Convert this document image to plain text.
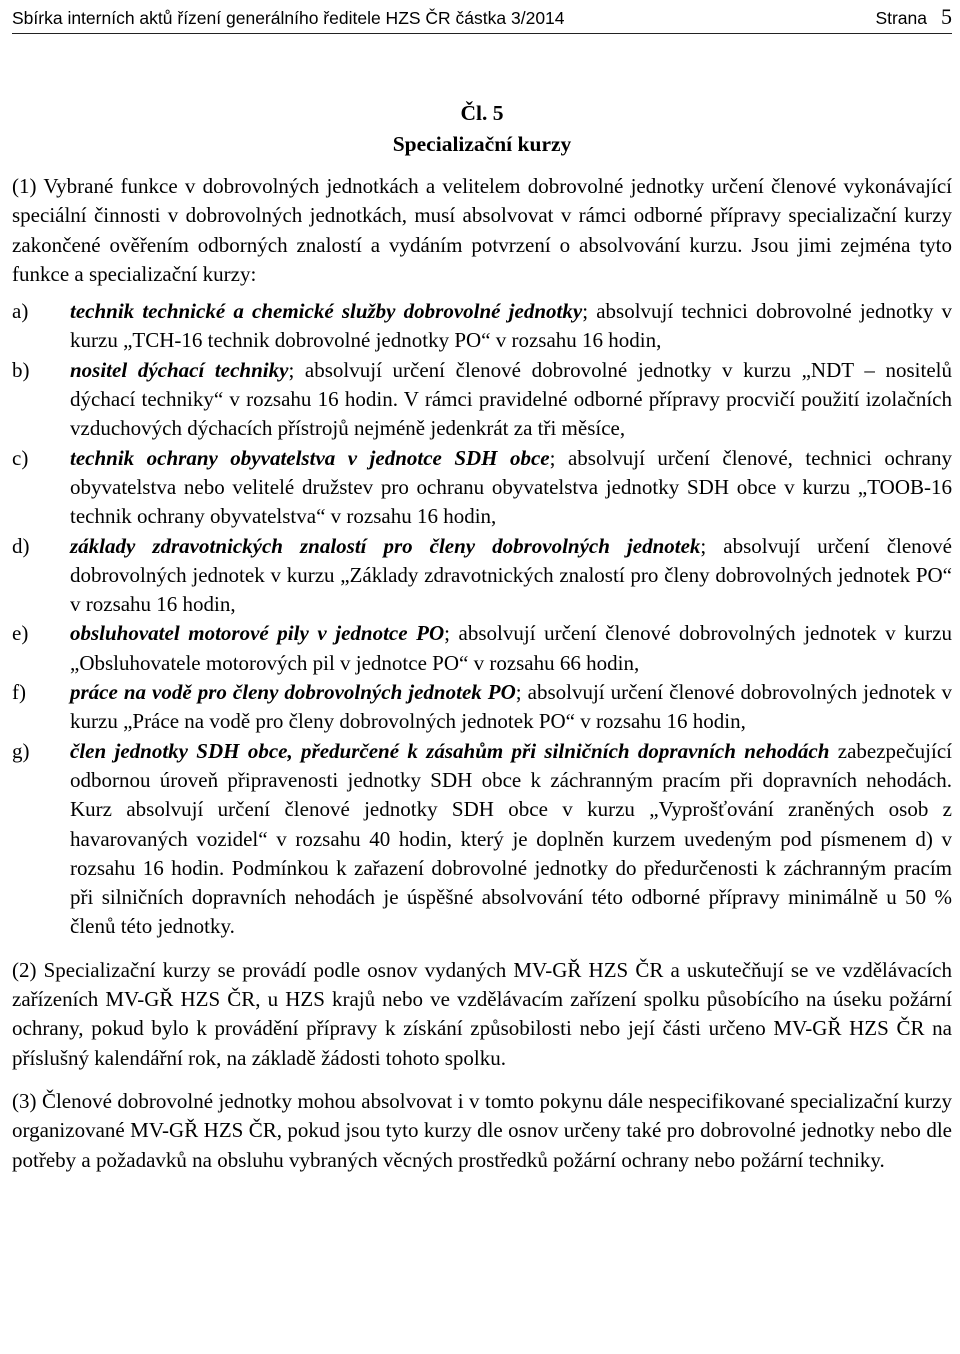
Sbírka interních aktů řízení generálního ředitele HZS ČR částka 3/2014	Strana 5
Čl. 5
Specializační kurzy

(1) Vybrané funkce v dobrovolných jednotkách a velitelem dobrovolné jednotky určení členové vykonávající speciální činnosti v dobrovolných jednotkách, musí absolvovat v rámci odborné přípravy specializační kurzy zakončené ověřením odborných znalostí a vydáním potvrzení o absolvování kurzu. Jsou jimi zejména tyto funkce a specializační kurzy:

a)	technik technické a chemické služby dobrovolné jednotky; absolvují technici dobrovolné jednotky v kurzu „TCH-16 technik dobrovolné jednotky PO“ v rozsahu 16 hodin,
b)	nositel dýchací techniky; absolvují určení členové dobrovolné jednotky v kurzu „NDT – nositelů dýchací techniky“ v rozsahu 16 hodin. V rámci pravidelné odborné přípravy procvičí použití izolačních vzduchových dýchacích přístrojů nejméně jedenkrát za tři měsíce,
c)	technik ochrany obyvatelstva v jednotce SDH obce; absolvují určení členové, technici ochrany obyvatelstva nebo velitelé družstev pro ochranu obyvatelstva jednotky SDH obce v kurzu „TOOB-16 technik ochrany obyvatelstva“ v rozsahu 16 hodin,
d)	základy zdravotnických znalostí pro členy dobrovolných jednotek; absolvují určení členové dobrovolných jednotek v kurzu „Základy zdravotnických znalostí pro členy dobrovolných jednotek PO“ v rozsahu 16 hodin,
e)	obsluhovatel motorové pily v jednotce PO; absolvují určení členové dobrovolných jednotek v kurzu „Obsluhovatele motorových pil v jednotce PO“ v rozsahu 66 hodin,
f)	práce na vodě pro členy dobrovolných jednotek PO; absolvují určení členové dobrovolných jednotek v kurzu „Práce na vodě pro členy dobrovolných jednotek PO“ v rozsahu 16 hodin,
g)	člen jednotky SDH obce, předurčené k zásahům při silničních dopravních nehodách zabezpečující odbornou úroveň připravenosti jednotky SDH obce k záchranným pracím při dopravních nehodách. Kurz absolvují určení členové jednotky SDH obce v kurzu „Vyprošťování zraněných osob z havarovaných vozidel“ v rozsahu 40 hodin, který je doplněn kurzem uvedeným pod písmenem d) v rozsahu 16 hodin. Podmínkou k zařazení dobrovolné jednotky do předurčenosti k záchranným pracím při silničních dopravních nehodách je úspěšné absolvování této odborné přípravy minimálně u 50 % členů této jednotky.

(2) Specializační kurzy se provádí podle osnov vydaných MV-GŘ HZS ČR a uskutečňují se ve vzdělávacích zařízeních MV-GŘ HZS ČR, u HZS krajů nebo ve vzdělávacím zařízení spolku působícího na úseku požární ochrany, pokud bylo k provádění přípravy k získání způsobilosti nebo její části určeno MV-GŘ HZS ČR na příslušný kalendářní rok, na základě žádosti tohoto spolku.

(3) Členové dobrovolné jednotky mohou absolvovat i v tomto pokynu dále nespecifikované specializační kurzy organizované MV-GŘ HZS ČR, pokud jsou tyto kurzy dle osnov určeny také pro dobrovolné jednotky nebo dle potřeby a požadavků na obsluhu vybraných věcných prostředků požární ochrany nebo požární techniky.
